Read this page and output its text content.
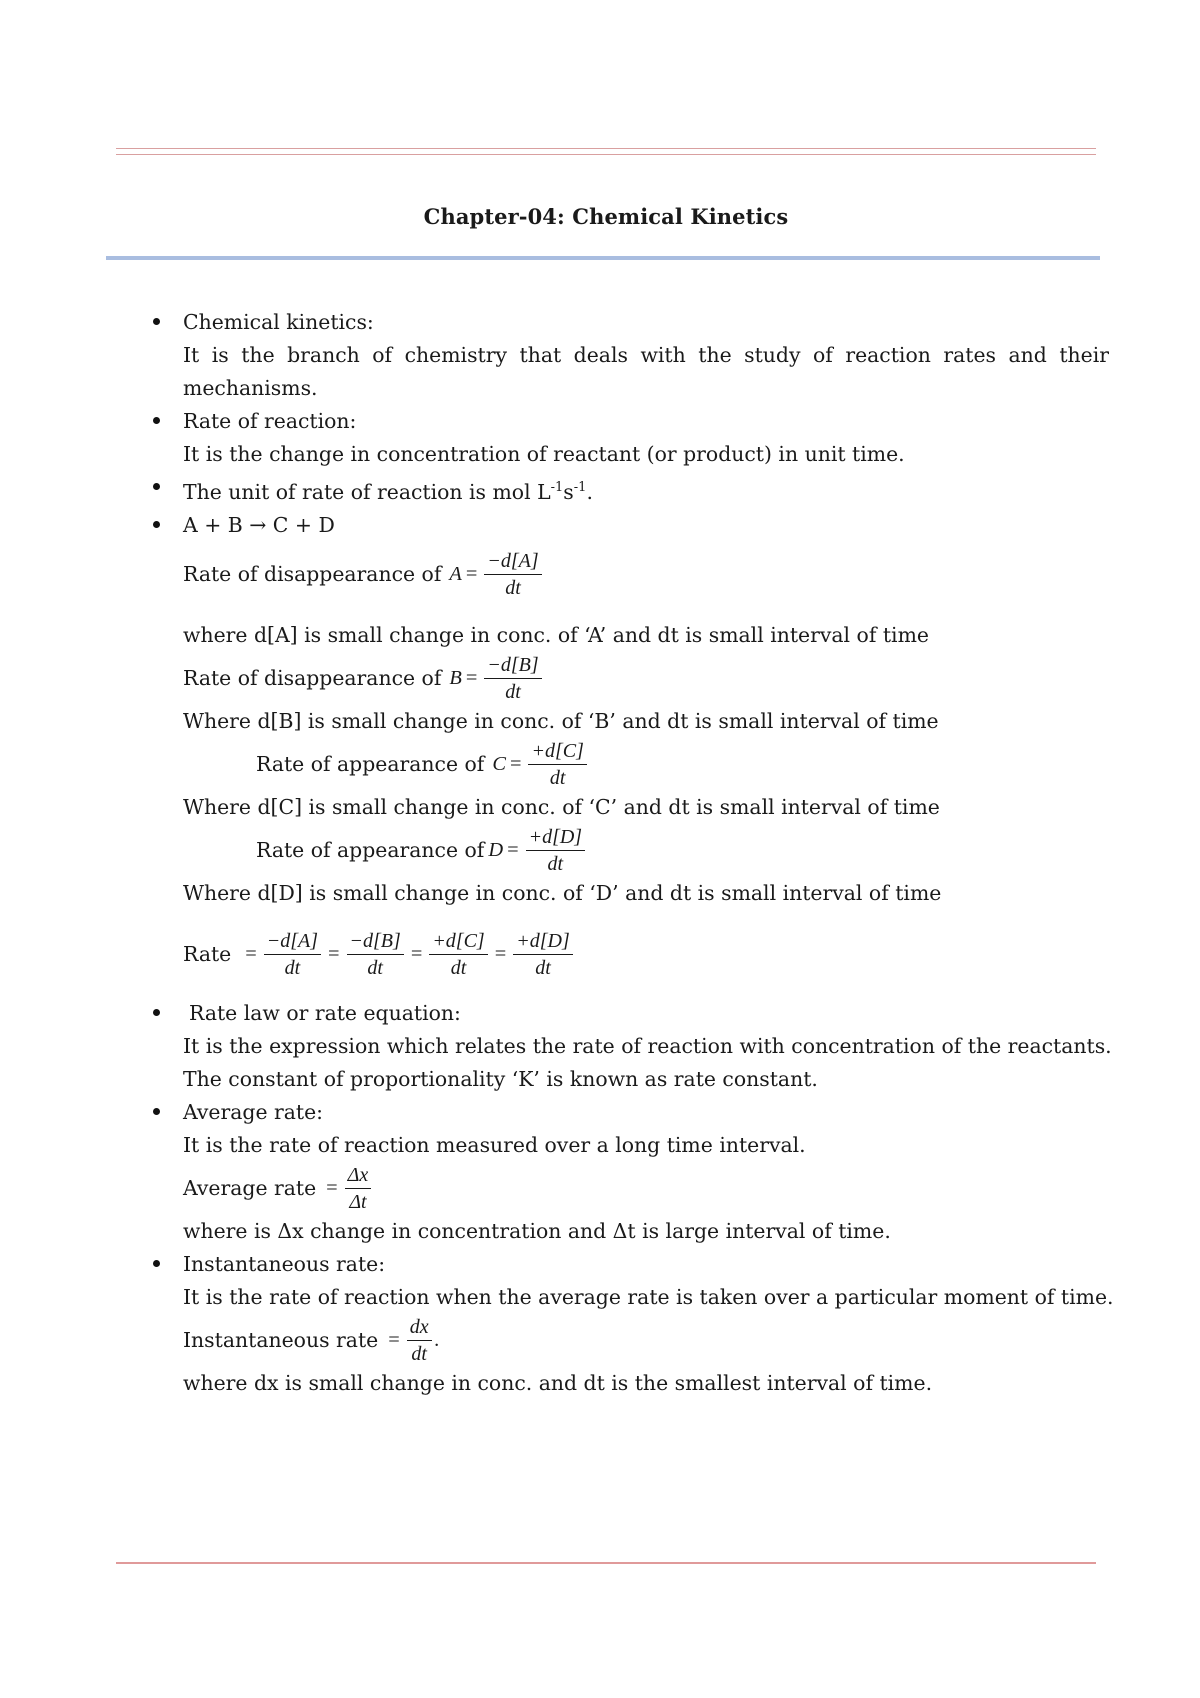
Chapter-04: Chemical Kinetics
Chemical kinetics:
It is the branch of chemistry that deals with the study of reaction rates and their mechanisms.
Rate of reaction:
It is the change in concentration of reactant (or product) in unit time.
The unit of rate of reaction is mol $L^{-1}s^{-1}$.
A + B → C + D
Rate of disappearance of $A = \frac{-d[A]}{dt}$
where d[A] is small change in conc. of ‘A’ and dt is small interval of time
Rate of disappearance of $B = \frac{-d[B]}{dt}$
Where d[B] is small change in conc. of ‘B’ and dt is small interval of time
Rate of appearance of $C = \frac{+d[C]}{dt}$
Where d[C] is small change in conc. of ‘C’ and dt is small interval of time
Rate of appearance of $D = \frac{+d[D]}{dt}$
Where d[D] is small change in conc. of ‘D’ and dt is small interval of time
Rate = $\frac{-d[A]}{dt} = \frac{-d[B]}{dt} = \frac{+d[C]}{dt} = \frac{+d[D]}{dt}$
Rate law or rate equation:
It is the expression which relates the rate of reaction with concentration of the reactants.
The constant of proportionality ‘K’ is known as rate constant.
Average rate:
It is the rate of reaction measured over a long time interval.
Average rate = $\frac{\Delta x}{\Delta t}$
where is Δx change in concentration and Δt is large interval of time.
Instantaneous rate:
It is the rate of reaction when the average rate is taken over a particular moment of time.
Instantaneous rate = $\frac{dx}{dt}$ .
where dx is small change in conc. and dt is the smallest interval of time.
